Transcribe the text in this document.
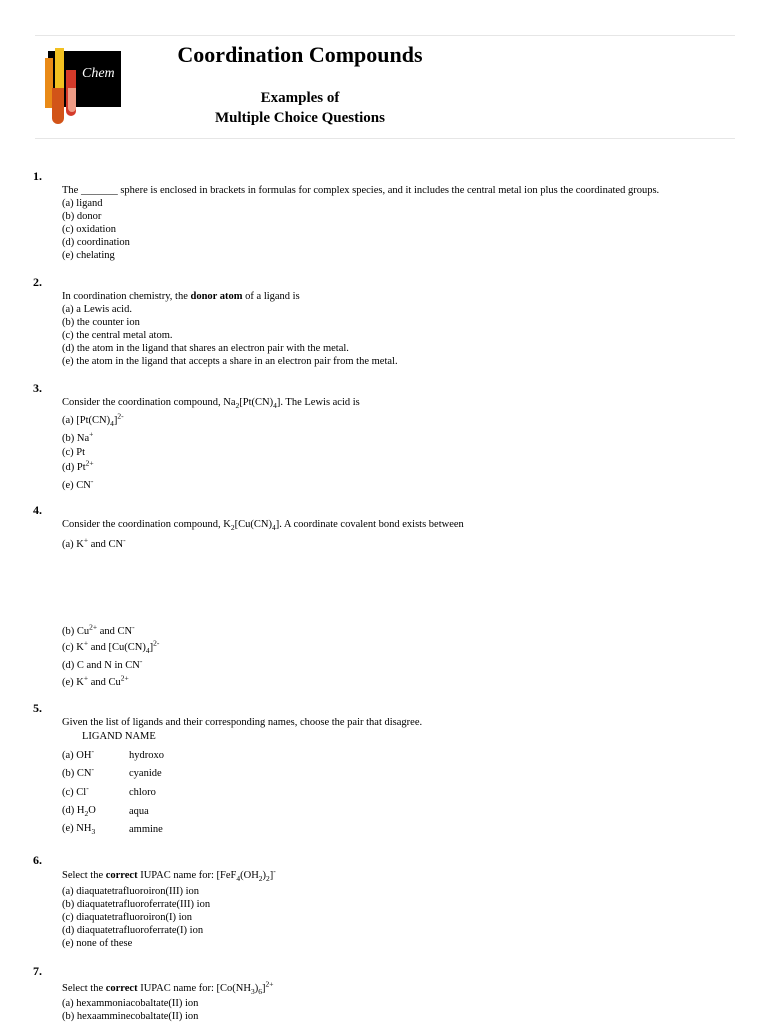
Chem
Coordination Compounds
Examples of
Multiple Choice Questions
1.
The _______ sphere is enclosed in brackets in formulas for complex species, and it includes the central metal ion plus the coordinated groups.
(a) ligand
(b) donor
(c) oxidation
(d) coordination
(e) chelating
2.
In coordination chemistry, the donor atom of a ligand is
(a) a Lewis acid.
(b) the counter ion
(c) the central metal atom.
(d) the atom in the ligand that shares an electron pair with the metal.
(e) the atom in the ligand that accepts a share in an electron pair from the metal.
3.
Consider the coordination compound, $Na_2[Pt(CN)_4]$. The Lewis acid is
(a) $[Pt(CN)_4]^{2-}$
(b) Na+
(c) Pt
(d) $Pt^{2+}$
(e) CN-
4.
Consider the coordination compound, $K_2[Cu(CN)_4]$. A coordinate covalent bond exists between
(a) K+ and CN-
(b) $Cu^{2+}$ and CN-
(c) K+ and $[Cu(CN)_4]^{2-}$
(d) C and N in CN-
(e) K+ and $Cu^{2+}$
5.
Given the list of ligands and their corresponding names, choose the pair that disagree.
LIGAND NAME
(a) OH-	hydroxo
(b) CN-	cyanide
(c) Cl-	chloro
(d) $H_2O$	aqua
(e) $NH_3$	ammine
6.
Select the correct IUPAC name for: $[FeF_4(OH_2)_2]^-$
(a) diaquatetrafluoroiron(III) ion
(b) diaquatetrafluoroferrate(III) ion
(c) diaquatetrafluoroiron(I) ion
(d) diaquatetrafluoroferrate(I) ion
(e) none of these
7.
Select the correct IUPAC name for: $[Co(NH_3)_6]^{2+}$
(a) hexammoniacobaltate(II) ion
(b) hexaamminecobaltate(II) ion
